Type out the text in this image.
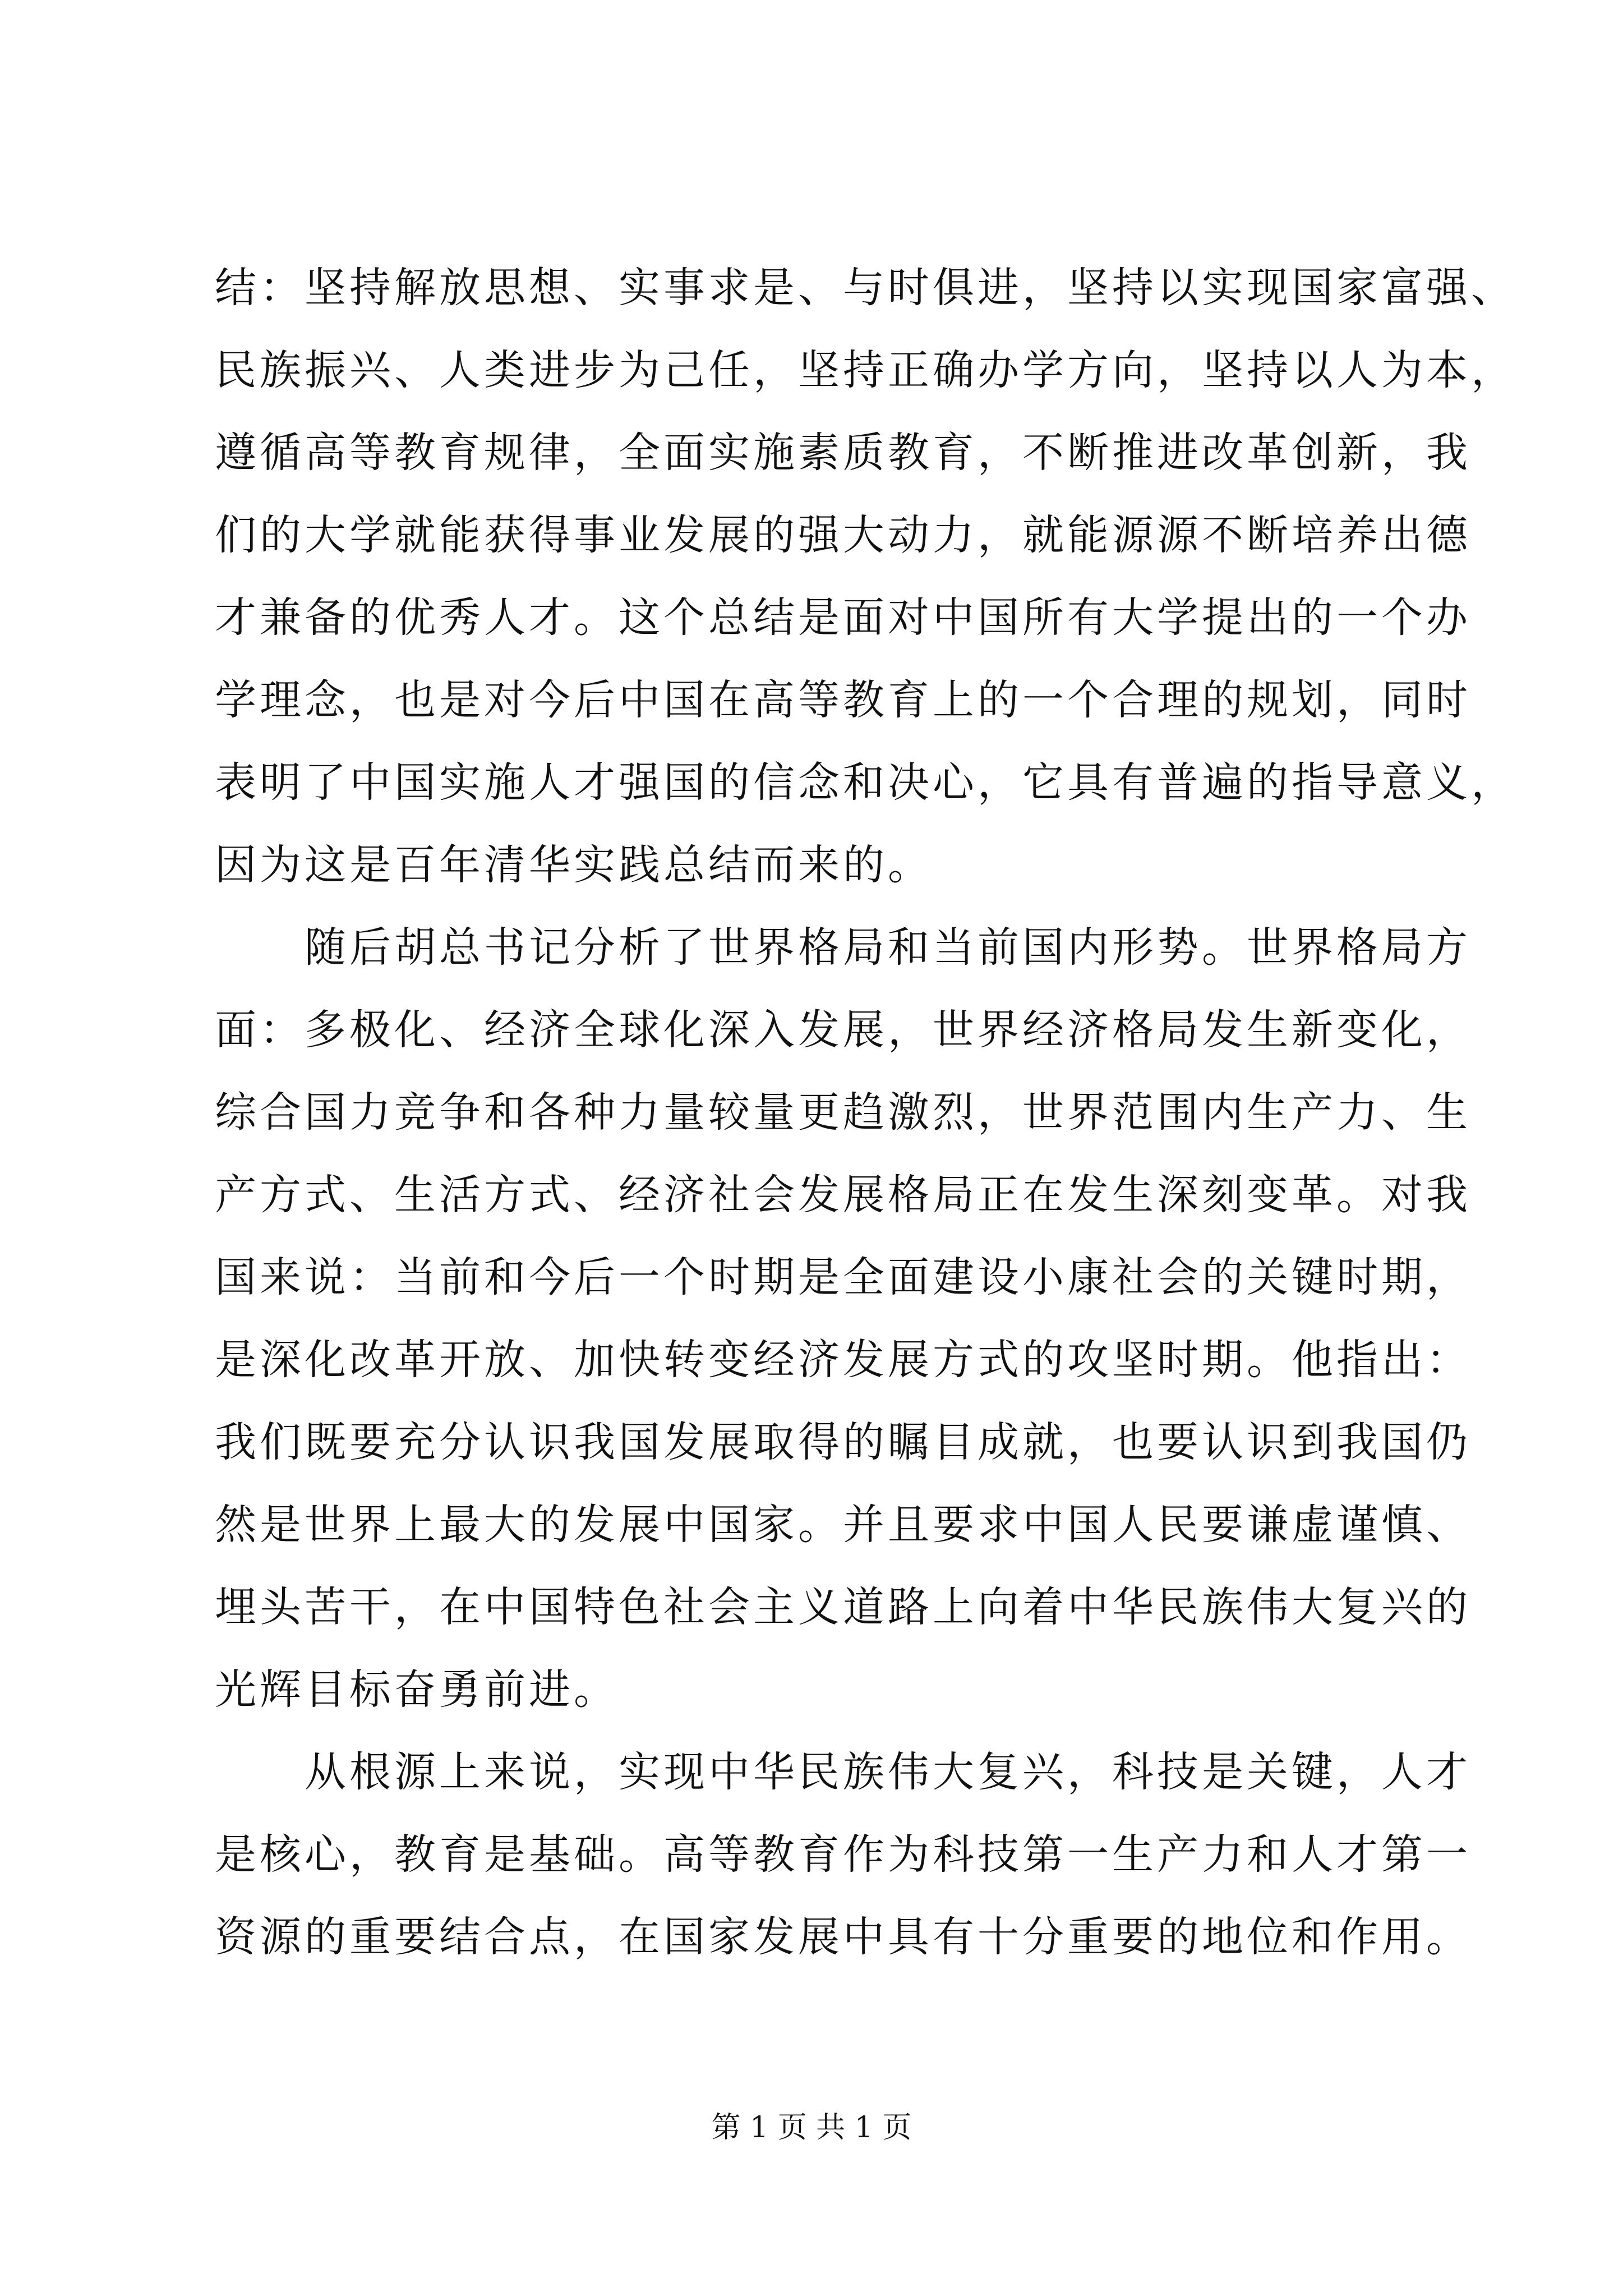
结：坚持解放思想、实事求是、与时俱进，坚持以实现国家富强、
民族振兴、人类进步为己任，坚持正确办学方向，坚持以人为本，
遵循高等教育规律，全面实施素质教育，不断推进改革创新，我
们的大学就能获得事业发展的强大动力，就能源源不断培养出德
才兼备的优秀人才。这个总结是面对中国所有大学提出的一个办
学理念，也是对今后中国在高等教育上的一个合理的规划，同时
表明了中国实施人才强国的信念和决心，它具有普遍的指导意义，
因为这是百年清华实践总结而来的。
　　随后胡总书记分析了世界格局和当前国内形势。世界格局方
面：多极化、经济全球化深入发展，世界经济格局发生新变化，
综合国力竞争和各种力量较量更趋激烈，世界范围内生产力、生
产方式、生活方式、经济社会发展格局正在发生深刻变革。对我
国来说：当前和今后一个时期是全面建设小康社会的关键时期，
是深化改革开放、加快转变经济发展方式的攻坚时期。他指出：
我们既要充分认识我国发展取得的瞩目成就，也要认识到我国仍
然是世界上最大的发展中国家。并且要求中国人民要谦虚谨慎、
埋头苦干，在中国特色社会主义道路上向着中华民族伟大复兴的
光辉目标奋勇前进。
　　从根源上来说，实现中华民族伟大复兴，科技是关键，人才
是核心，教育是基础。高等教育作为科技第一生产力和人才第一
资源的重要结合点，在国家发展中具有十分重要的地位和作用。
第 1 页 共 1 页
